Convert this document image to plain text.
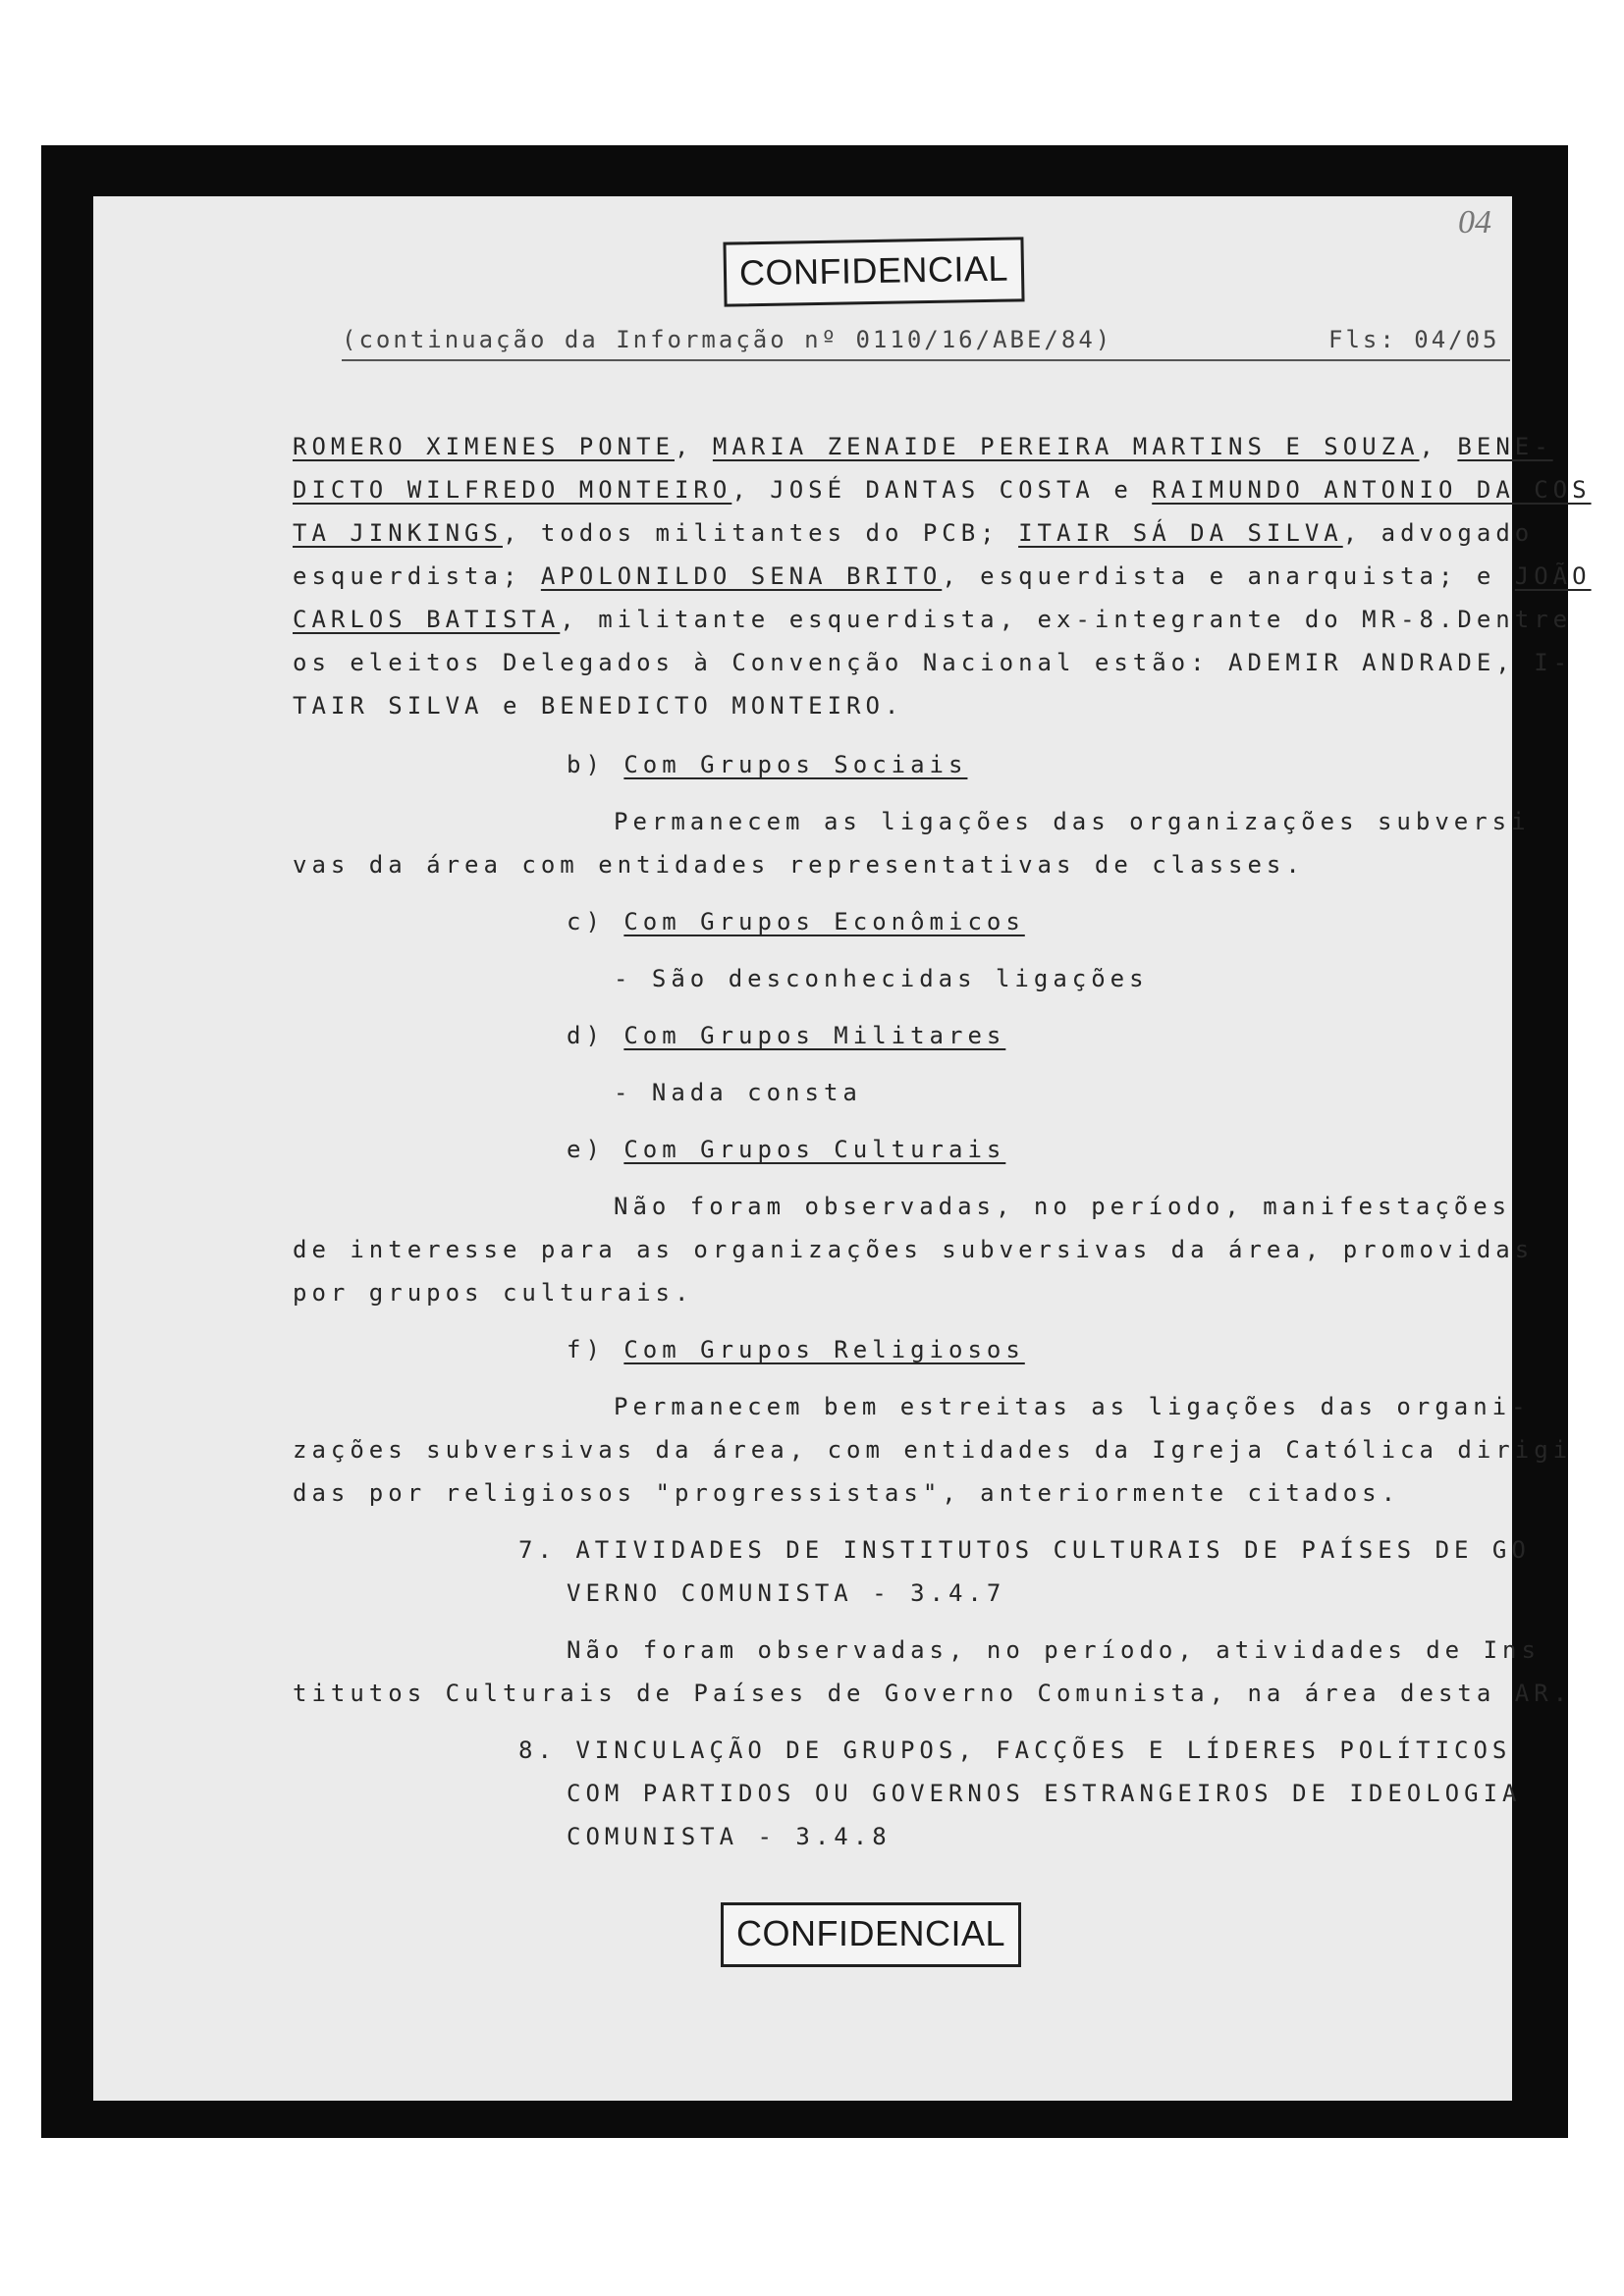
04
CONFIDENCIAL
(continuação da Informação nº 0110/16/ABE/84)	Fls: 04/05
ROMERO XIMENES PONTE, MARIA ZENAIDE PEREIRA MARTINS E SOUZA, BENE-
DICTO WILFREDO MONTEIRO, JOSÉ DANTAS COSTA e RAIMUNDO ANTONIO DA COS
TA JINKINGS, todos militantes do PCB; ITAIR SÁ DA SILVA, advogado
esquerdista; APOLONILDO SENA BRITO, esquerdista e anarquista; e JOÃO
CARLOS BATISTA, militante esquerdista, ex-integrante do MR-8.Dentre
os eleitos Delegados à Convenção Nacional estão: ADEMIR ANDRADE, I-
TAIR SILVA e BENEDICTO MONTEIRO.
b) Com Grupos Sociais
Permanecem as ligações das organizações subversi
vas da área com entidades representativas de classes.
c) Com Grupos Econômicos
- São desconhecidas ligações
d) Com Grupos Militares
- Nada consta
e) Com Grupos Culturais
Não foram observadas, no período, manifestações
de interesse para as organizações subversivas da área, promovidas
por grupos culturais.
f) Com Grupos Religiosos
Permanecem bem estreitas as ligações das organi-
zações subversivas da área, com entidades da Igreja Católica dirigi
das por religiosos "progressistas", anteriormente citados.
7. ATIVIDADES DE INSTITUTOS CULTURAIS DE PAÍSES DE GO
VERNO COMUNISTA - 3.4.7
Não foram observadas, no período, atividades de Ins
titutos Culturais de Países de Governo Comunista, na área desta AR.
8. VINCULAÇÃO DE GRUPOS, FACÇÕES E LÍDERES POLÍTICOS
COM PARTIDOS OU GOVERNOS ESTRANGEIROS DE IDEOLOGIA
COMUNISTA - 3.4.8
CONFIDENCIAL
